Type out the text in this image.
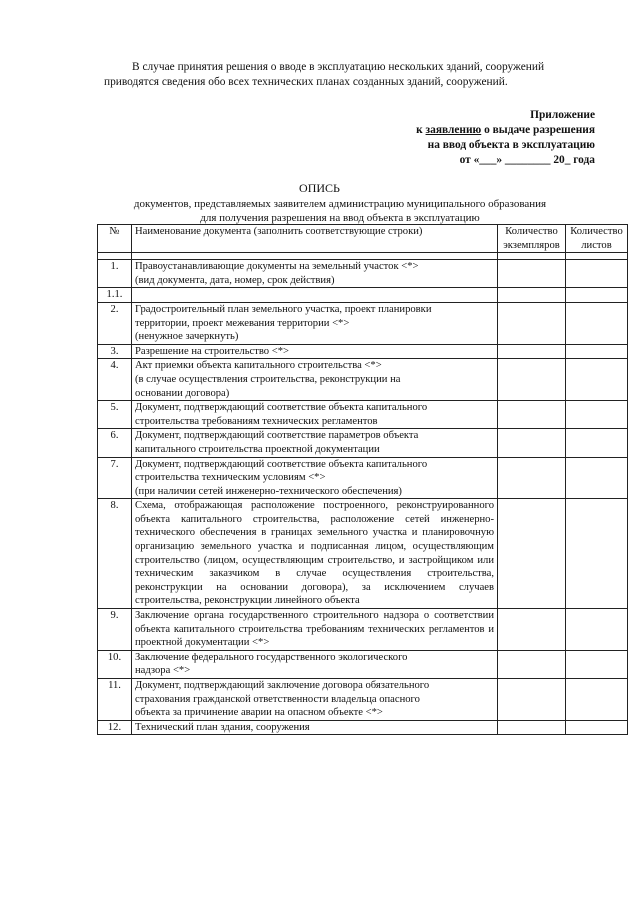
В случае принятия решения о вводе в эксплуатацию нескольких зданий, сооружений
приводятся сведения обо всех технических планах созданных зданий, сооружений.
Приложение
к заявлению о выдаче разрешения
на ввод объекта в эксплуатацию
от «___» ________ 20_ года
ОПИСЬ
документов, представляемых заявителем администрацию муниципального образования
для получения разрешения на ввод объекта в эксплуатацию
№	Наименование документа (заполнить соответствующие строки)	Количество экземпляров	Количество листов

1.	Правоустанавливающие документы на земельный участок <*>
(вид документа, дата, номер, срок действия)		

1.1.	

2.	Градостроительный план земельного участка, проект планировки
территории, проект межевания территории <*>
(ненужное зачеркнуть)		

3.	Разрешение на строительство <*>		

4.	Акт приемки объекта капитального строительства <*>
(в случае осуществления строительства, реконструкции на
основании договора)		

5.	Документ, подтверждающий соответствие объекта капитального
строительства требованиям технических регламентов		

6.	Документ, подтверждающий соответствие параметров объекта
капитального строительства проектной документации		

7.	Документ, подтверждающий соответствие объекта капитального
строительства техническим условиям <*>
(при наличии сетей инженерно-технического обеспечения)		

8.	Схема, отображающая расположение построенного, реконструированного объекта капитального строительства, расположение сетей инженерно-технического обеспечения в границах земельного участка и планировочную организацию земельного участка и подписанная лицом, осуществляющим строительство (лицом, осуществляющим строительство, и застройщиком или техническим заказчиком в случае осуществления строительства, реконструкции на основании договора), за исключением случаев строительства, реконструкции линейного объекта		
9.	Заключение органа государственного строительного надзора о соответствии объекта капитального строительства требованиям технических регламентов и проектной документации <*>		
10.	Заключение федерального государственного экологического
надзора <*>		

11.	Документ, подтверждающий заключение договора обязательного
страхования гражданской ответственности владельца опасного
объекта за причинение аварии на опасном объекте <*>		

12.	Технический план здания, сооружения		
